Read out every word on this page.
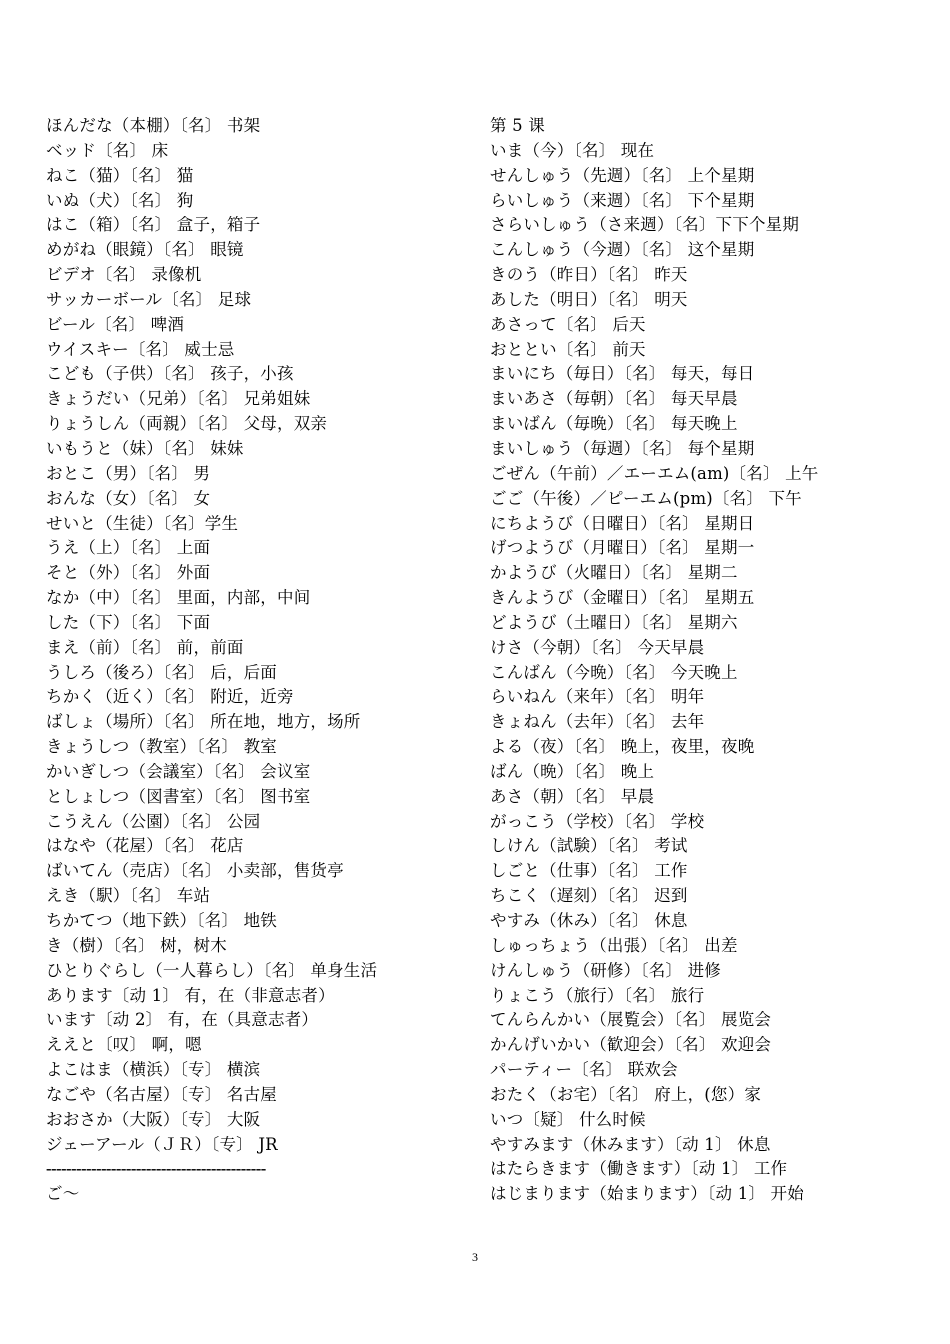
ほんだな（本棚）〔名〕 书架
ベッド〔名〕 床
ねこ（猫）〔名〕 猫
いぬ（犬）〔名〕 狗
はこ（箱）〔名〕 盒子，箱子
めがね（眼鏡）〔名〕 眼镜
ビデオ〔名〕 录像机
サッカーボール〔名〕 足球
ビール〔名〕 啤酒
ウイスキー〔名〕 威士忌
こども（子供）〔名〕 孩子，小孩
きょうだい（兄弟）〔名〕 兄弟姐妹
りょうしん（両親）〔名〕 父母，双亲
いもうと（妹）〔名〕 妹妹
おとこ（男）〔名〕 男
おんな（女）〔名〕 女
せいと（生徒）〔名〕学生
うえ（上）〔名〕 上面
そと（外）〔名〕 外面
なか（中）〔名〕 里面，内部，中间
した（下）〔名〕 下面
まえ（前）〔名〕 前，前面
うしろ（後ろ）〔名〕 后，后面
ちかく（近く）〔名〕 附近，近旁
ばしょ（場所）〔名〕 所在地，地方，场所
きょうしつ（教室）〔名〕 教室
かいぎしつ（会議室）〔名〕 会议室
としょしつ（図書室）〔名〕 图书室
こうえん（公園）〔名〕 公园
はなや（花屋）〔名〕 花店
ばいてん（売店）〔名〕 小卖部，售货亭
えき（駅）〔名〕 车站
ちかてつ（地下鉄）〔名〕 地铁
き（樹）〔名〕 树，树木
ひとりぐらし（一人暮らし）〔名〕 单身生活
あります〔动 1〕 有，在（非意志者）
います〔动 2〕 有，在（具意志者）
ええと〔叹〕 啊，嗯
よこはま（横浜）〔专〕 横滨
なごや（名古屋）〔专〕 名古屋
おおさか（大阪）〔专〕 大阪
ジェーアール（ＪＲ）〔专〕 JR
--------------------------------------------
ご～
第 5 课
いま（今）〔名〕 现在
せんしゅう（先週）〔名〕 上个星期
らいしゅう（来週）〔名〕 下个星期
さらいしゅう（さ来週）〔名〕下下个星期
こんしゅう（今週）〔名〕 这个星期
きのう（昨日）〔名〕 昨天
あした（明日）〔名〕 明天
あさって〔名〕 后天
おととい〔名〕 前天
まいにち（毎日）〔名〕 每天，每日
まいあさ（毎朝）〔名〕 每天早晨
まいばん（毎晩）〔名〕 每天晚上
まいしゅう（毎週）〔名〕 每个星期
ごぜん（午前）／エーエム(am)〔名〕 上午
ごご（午後）／ピーエム(pm)〔名〕 下午
にちようび（日曜日）〔名〕 星期日
げつようび（月曜日）〔名〕 星期一
かようび（火曜日）〔名〕 星期二
きんようび（金曜日）〔名〕 星期五
どようび（土曜日）〔名〕 星期六
けさ（今朝）〔名〕 今天早晨
こんばん（今晩）〔名〕 今天晚上
らいねん（来年）〔名〕 明年
きょねん（去年）〔名〕 去年
よる（夜）〔名〕 晚上，夜里，夜晚
ばん（晩）〔名〕 晚上
あさ（朝）〔名〕 早晨
がっこう（学校）〔名〕 学校
しけん（試験）〔名〕 考试
しごと（仕事）〔名〕 工作
ちこく（遅刻）〔名〕 迟到
やすみ（休み）〔名〕 休息
しゅっちょう（出張）〔名〕 出差
けんしゅう（研修）〔名〕 进修
りょこう（旅行）〔名〕 旅行
てんらんかい（展覧会）〔名〕 展览会
かんげいかい（歓迎会）〔名〕 欢迎会
パーティー〔名〕 联欢会
おたく（お宅）〔名〕 府上，(您）家
いつ〔疑〕 什么时候
やすみます（休みます）〔动 1〕 休息
はたらきます（働きます）〔动 1〕 工作
はじまります（始まります）〔动 1〕 开始
3
